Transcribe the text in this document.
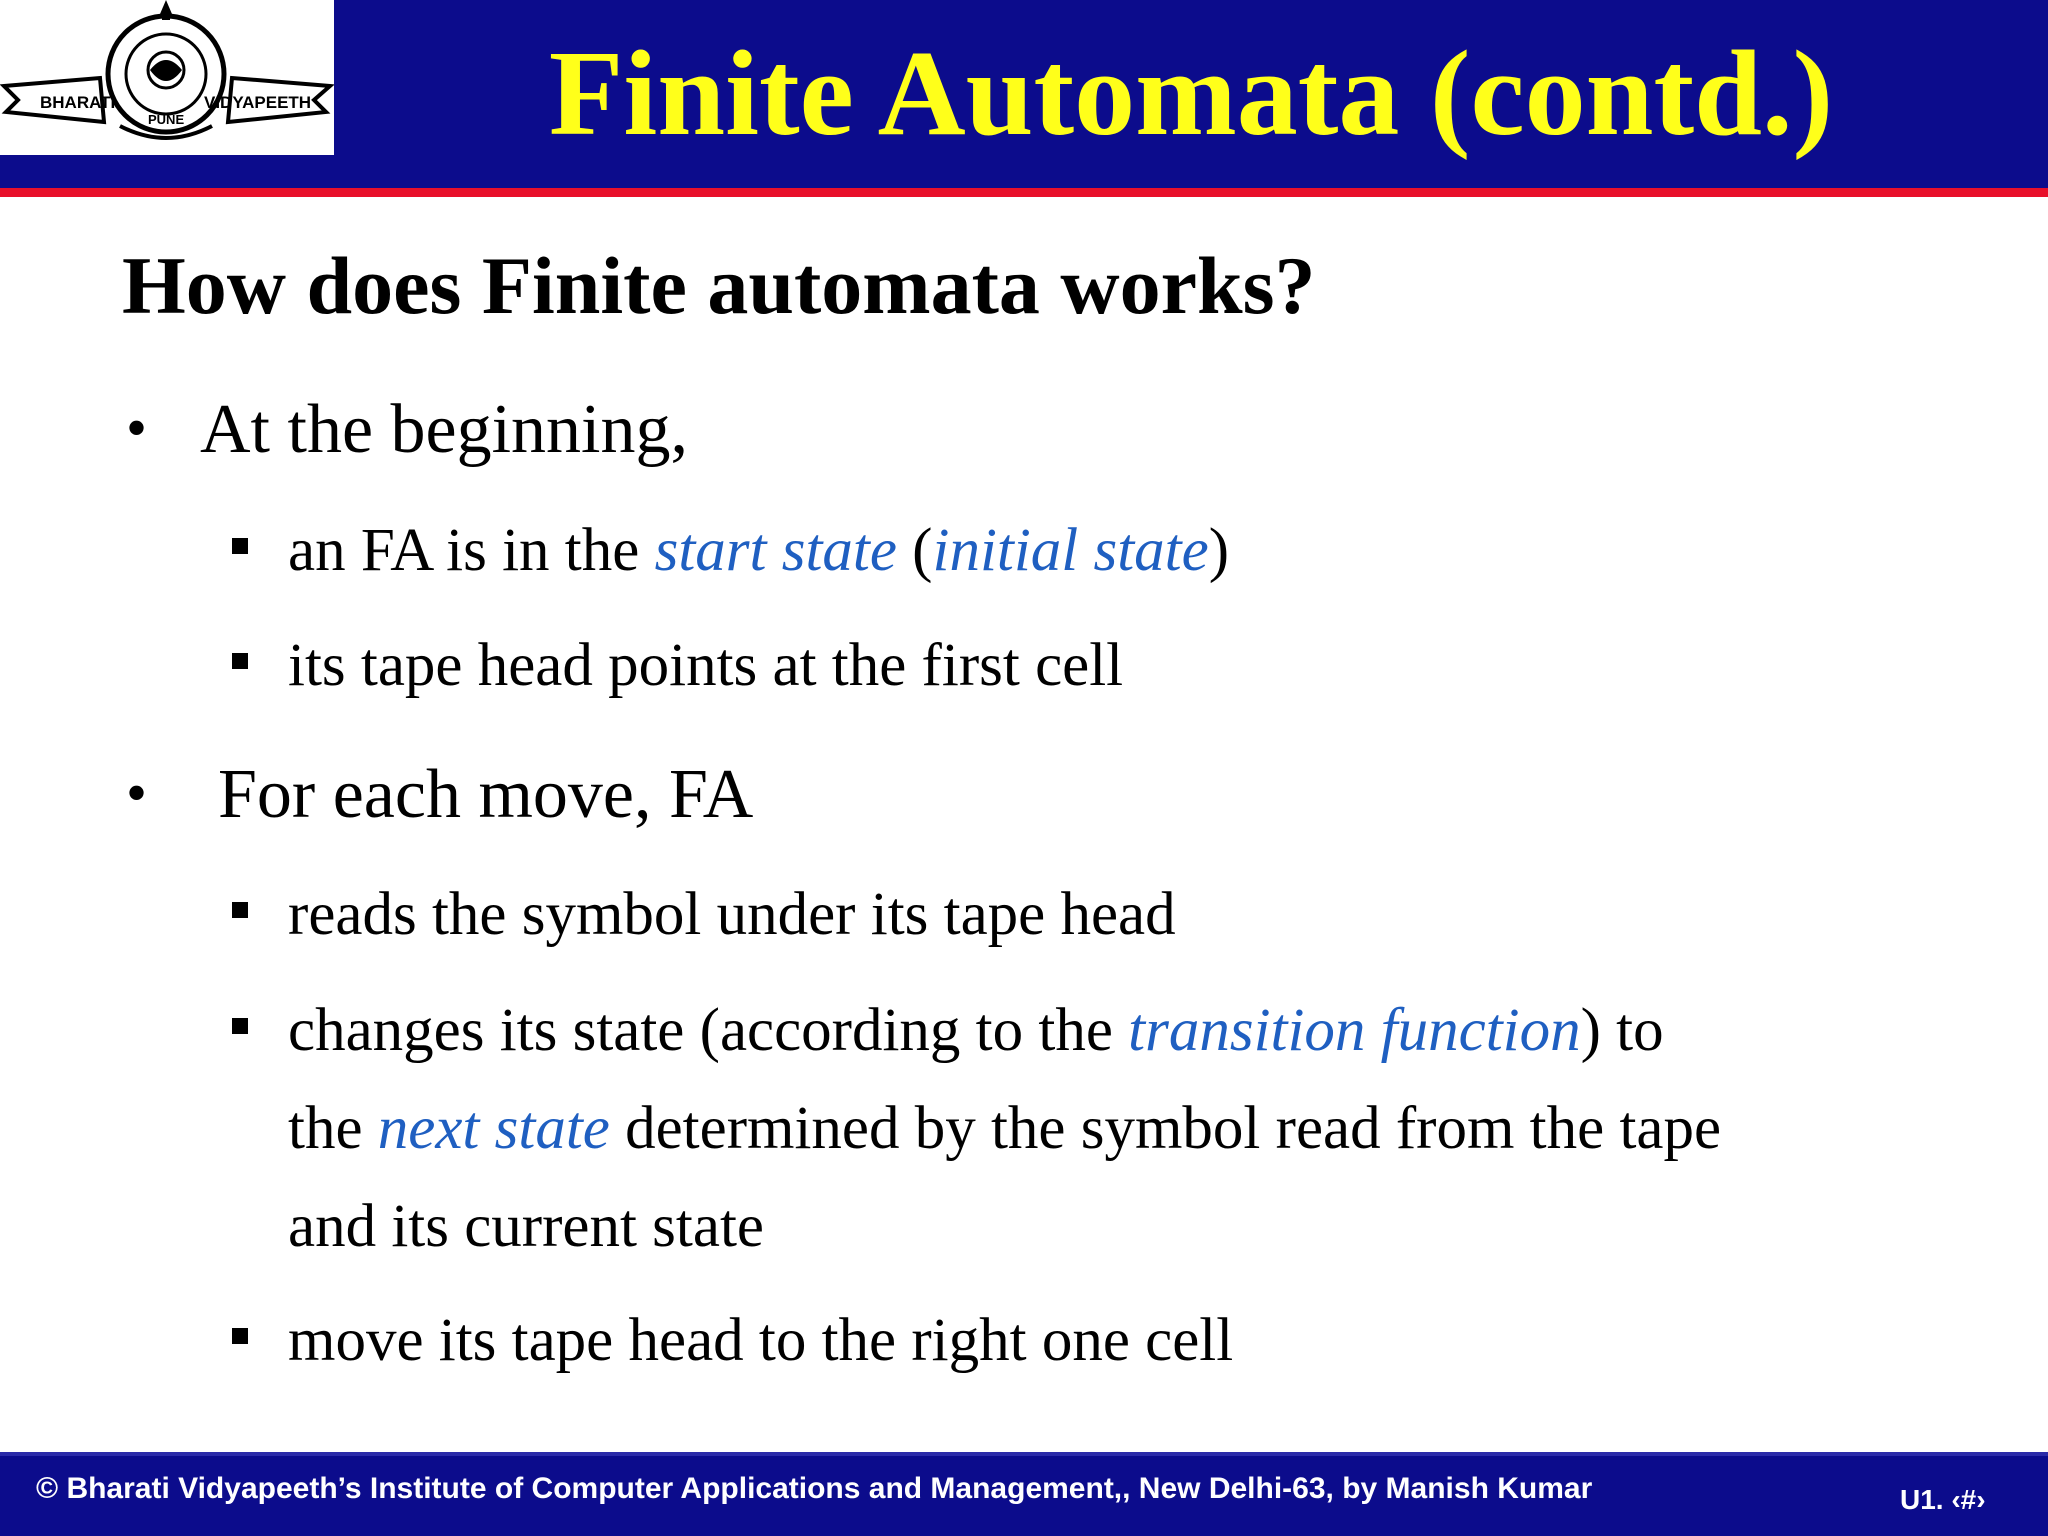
BHARATI	VIDYAPEETH
PUNE	Finite Automata (contd.)
How does Finite automata works?
• At the beginning,
an FA is in the start state (initial state)
its tape head points at the first cell
• For each move, FA
reads the symbol under its tape head
changes its state (according to the transition function) to
the next state determined by the symbol read from the tape
and its current state
move its tape head to the right one cell
© Bharati Vidyapeeth’s Institute of Computer Applications and Management,, New Delhi-63, by Manish Kumar	U1. ‹#›
